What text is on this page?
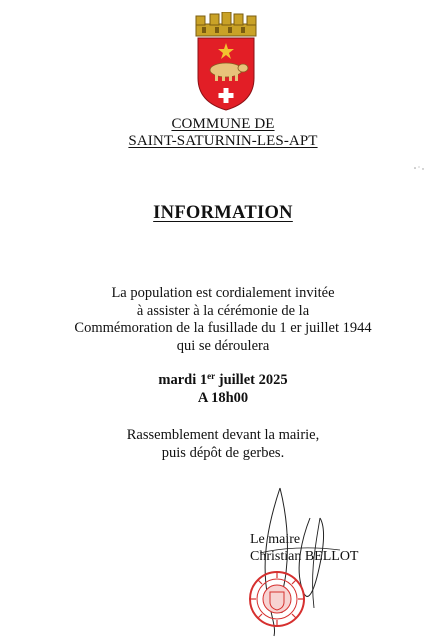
COMMUNE DE
SAINT-SATURNIN-LES-APT
INFORMATION
La population est cordialement invitée
à assister à la cérémonie de la
Commémoration de la fusillade du 1 er juillet 1944
qui se déroulera
mardi 1er juillet 2025
A 18h00
Rassemblement devant la mairie,
puis dépôt de gerbes.
Le maire
Christian BELLOT
